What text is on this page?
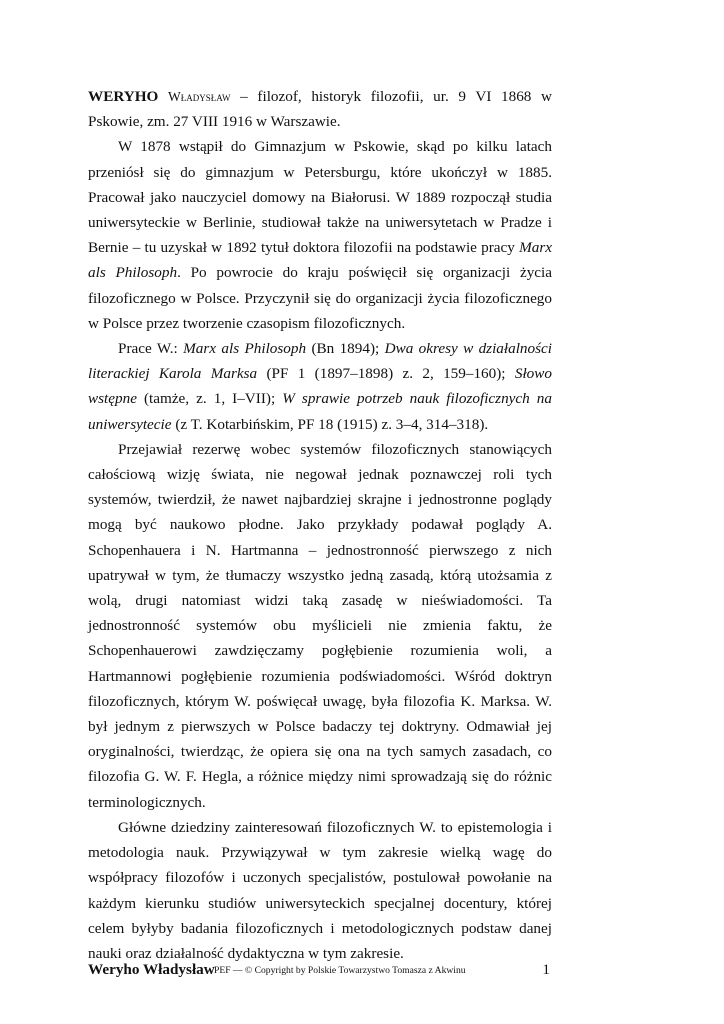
WERYHO Władysław – filozof, historyk filozofii, ur. 9 VI 1868 w Pskowie, zm. 27 VIII 1916 w Warszawie.

W 1878 wstąpił do Gimnazjum w Pskowie, skąd po kilku latach przeniósł się do gimnazjum w Petersburgu, które ukończył w 1885. Pracował jako nauczyciel domowy na Białorusi. W 1889 rozpoczął studia uniwersyteckie w Berlinie, studiował także na uniwersytetach w Pradze i Bernie – tu uzyskał w 1892 tytuł doktora filozofii na podstawie pracy Marx als Philosoph. Po powrocie do kraju poświęcił się organizacji życia filozoficznego w Polsce. Przyczynił się do organizacji życia filozoficznego w Polsce przez tworzenie czasopism filozoficznych.

Prace W.: Marx als Philosoph (Bn 1894); Dwa okresy w działalności literackiej Karola Marksa (PF 1 (1897–1898) z. 2, 159–160); Słowo wstępne (tamże, z. 1, I–VII); W sprawie potrzeb nauk filozoficznych na uniwersytecie (z T. Kotarbińskim, PF 18 (1915) z. 3–4, 314–318).

Przejawiał rezerwę wobec systemów filozoficznych stanowiących całościową wizję świata, nie negował jednak poznawczej roli tych systemów, twierdził, że nawet najbardziej skrajne i jednostronne poglądy mogą być naukowo płodne. Jako przykłady podawał poglądy A. Schopenhauera i N. Hartmanna – jednostronność pierwszego z nich upatrywał w tym, że tłumaczy wszystko jedną zasadą, którą utożsamia z wolą, drugi natomiast widzi taką zasadę w nieświadomości. Ta jednostronność systemów obu myślicieli nie zmienia faktu, że Schopenhauerowi zawdzięczamy pogłębienie rozumienia woli, a Hartmannowi pogłębienie rozumienia podświadomości. Wśród doktryn filozoficznych, którym W. poświęcał uwagę, była filozofia K. Marksa. W. był jednym z pierwszych w Polsce badaczy tej doktryny. Odmawiał jej oryginalności, twierdząc, że opiera się ona na tych samych zasadach, co filozofia G. W. F. Hegla, a różnice między nimi sprowadzają się do różnic terminologicznych.

Główne dziedziny zainteresowań filozoficznych W. to epistemologia i metodologia nauk. Przywiązywał w tym zakresie wielką wagę do współpracy filozofów i uczonych specjalistów, postulował powołanie na każdym kierunku studiów uniwersyteckich specjalnej docentury, której celem byłyby badania filozoficznych i metodologicznych podstaw danej nauki oraz działalność dydaktyczna w tym zakresie.

Weryho Władysław PEF — © Copyright by Polskie Towarzystwo Tomasza z Akwinu	1
